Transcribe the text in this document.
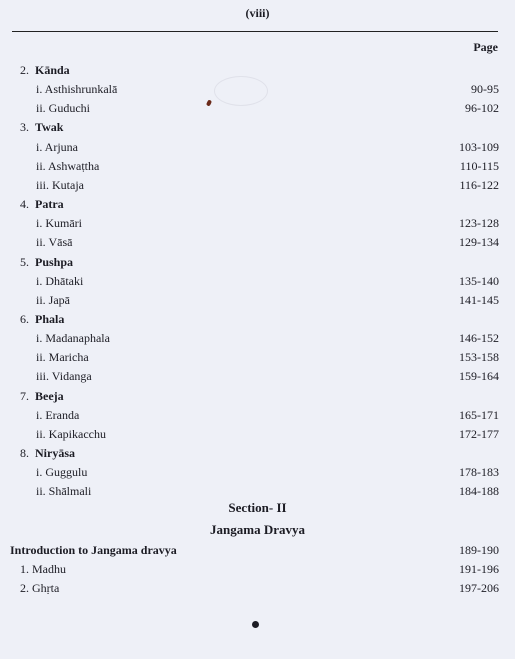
(viii)
Page
2. Kānda
i. Asthishrunkalā	90-95
ii. Guduchi	96-102
3. Twak
i. Arjuna	103-109
ii. Ashwaṭtha	110-115
iii. Kutaja	116-122
4. Patra
i. Kumāri	123-128
ii. Vāsā	129-134
5. Pushpa
i. Dhātaki	135-140
ii. Japā	141-145
6. Phala
i. Madanaphala	146-152
ii. Maricha	153-158
iii. Vidanga	159-164
7. Beeja
i. Eranda	165-171
ii. Kapikacchu	172-177
8. Niryāsa
i. Guggulu	178-183
ii. Shālmali	184-188
Section- II
Jangama Dravya
Introduction to Jangama dravya	189-190
1. Madhu	191-196
2. Ghṛta	197-206
